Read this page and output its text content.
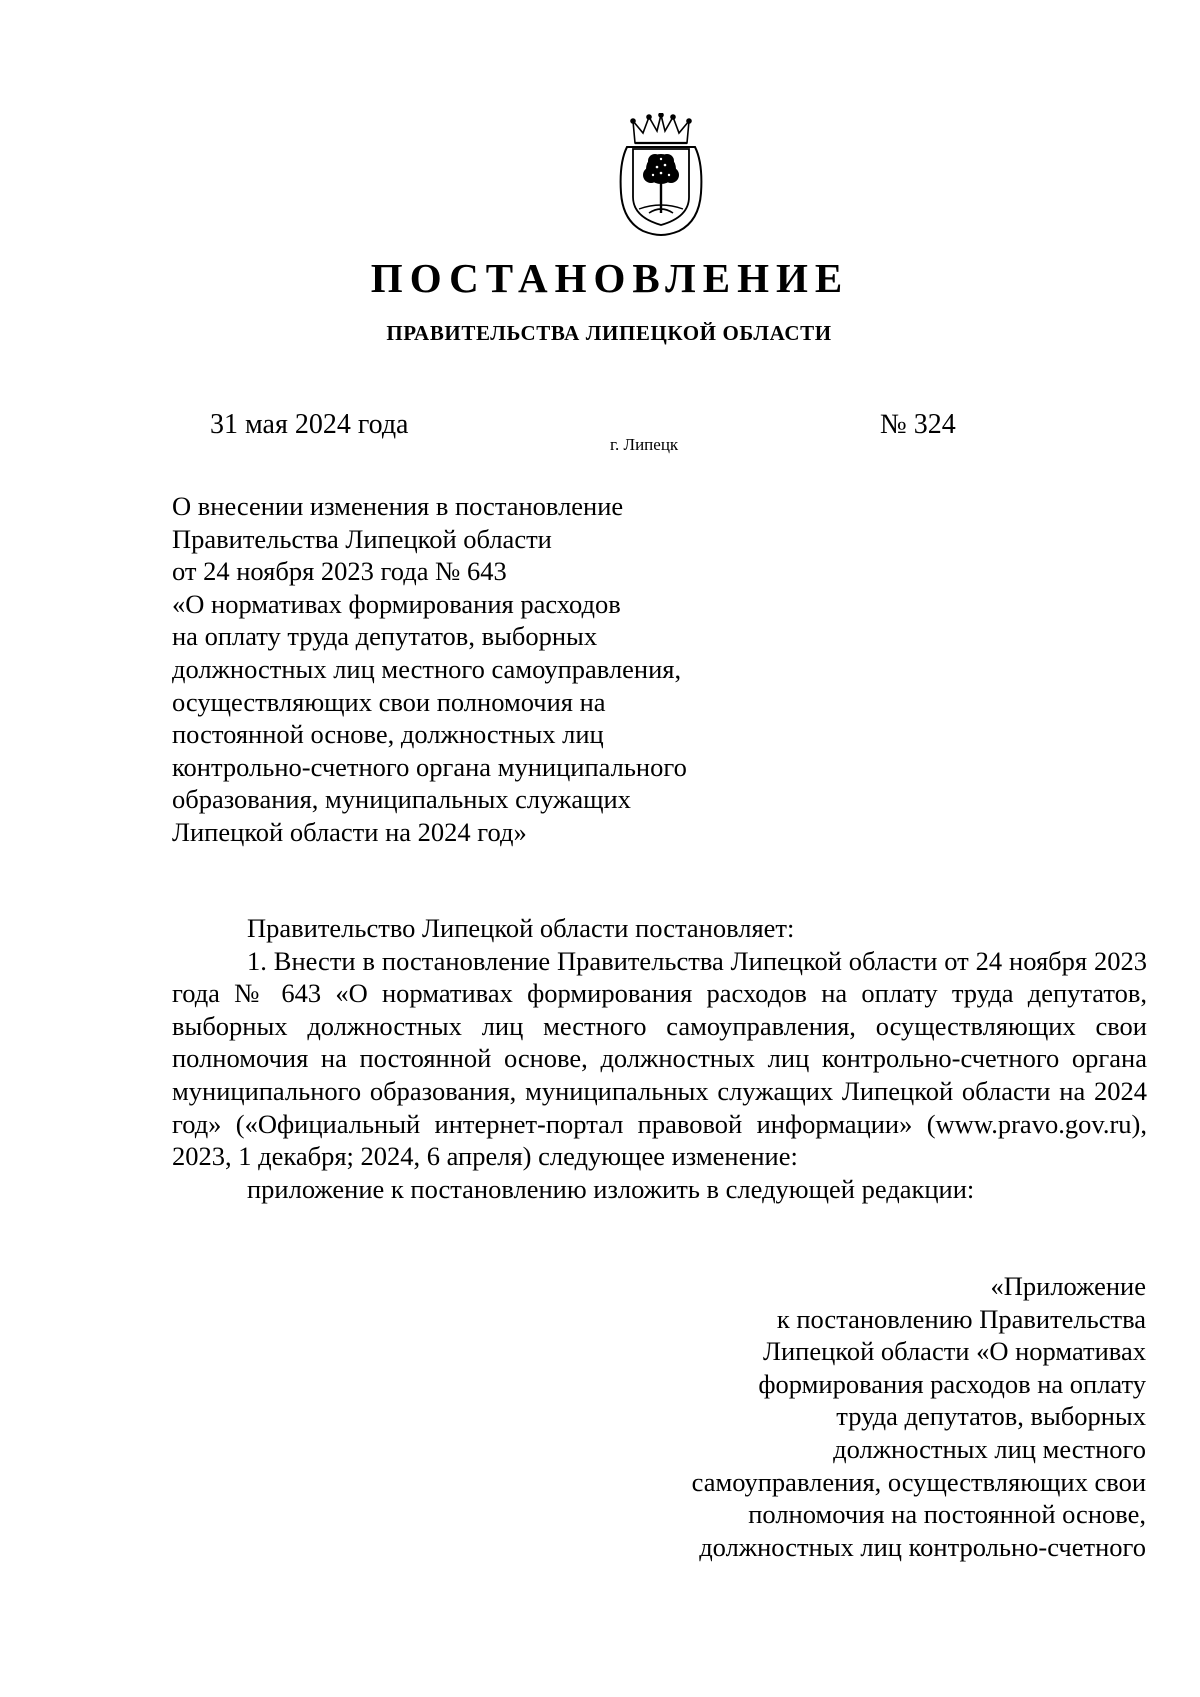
ПОСТАНОВЛЕНИЕ
ПРАВИТЕЛЬСТВА ЛИПЕЦКОЙ ОБЛАСТИ
31 мая 2024 года
г. Липецк
№ 324
О внесении изменения в постановление
Правительства Липецкой области
от 24 ноября 2023 года № 643
«О нормативах формирования расходов
на оплату труда депутатов, выборных
должностных лиц местного самоуправления,
осуществляющих свои полномочия на
постоянной основе, должностных лиц
контрольно-счетного органа муниципального
образования, муниципальных служащих
Липецкой области на 2024 год»
Правительство Липецкой области постановляет:
1. Внести в постановление Правительства Липецкой области от 24 ноября 2023 года № 643 «О нормативах формирования расходов на оплату труда депутатов, выборных должностных лиц местного самоуправления, осуществляющих свои полномочия на постоянной основе, должностных лиц контрольно-счетного органа муниципального образования, муниципальных служащих Липецкой области на 2024 год» («Официальный интернет-портал правовой информации» (www.pravo.gov.ru), 2023, 1 декабря; 2024, 6 апреля) следующее изменение:
приложение к постановлению изложить в следующей редакции:
«Приложение
к постановлению Правительства
Липецкой области «О нормативах
формирования расходов на оплату
труда депутатов, выборных
должностных лиц местного
самоуправления, осуществляющих свои
полномочия на постоянной основе,
должностных лиц контрольно-счетного
